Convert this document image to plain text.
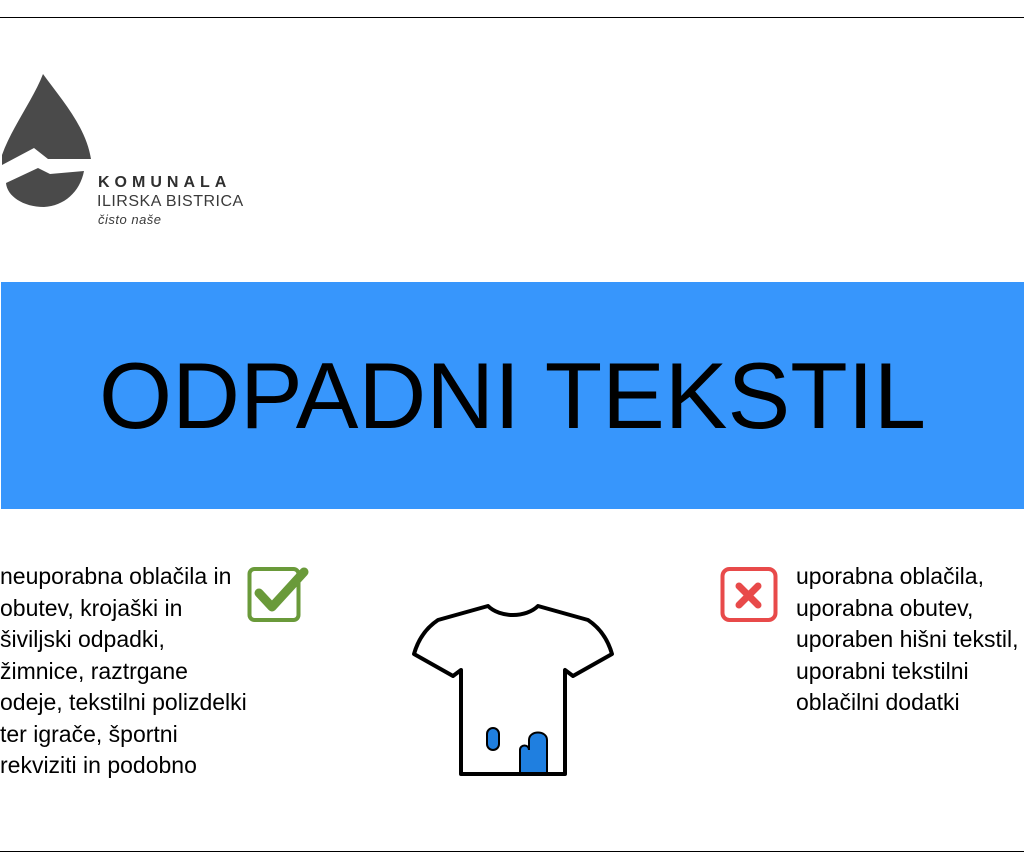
KOMUNALA
ILIRSKA BISTRICA
čisto naše
ODPADNI TEKSTIL

neuporabna oblačila in obutev, krojaški in šiviljski odpadki, žimnice, raztrgane odeje, tekstilni polizdelki ter igrače, športni rekviziti in podobno

uporabna oblačila, uporabna obutev, uporaben hišni tekstil, uporabni tekstilni oblačilni dodatki
